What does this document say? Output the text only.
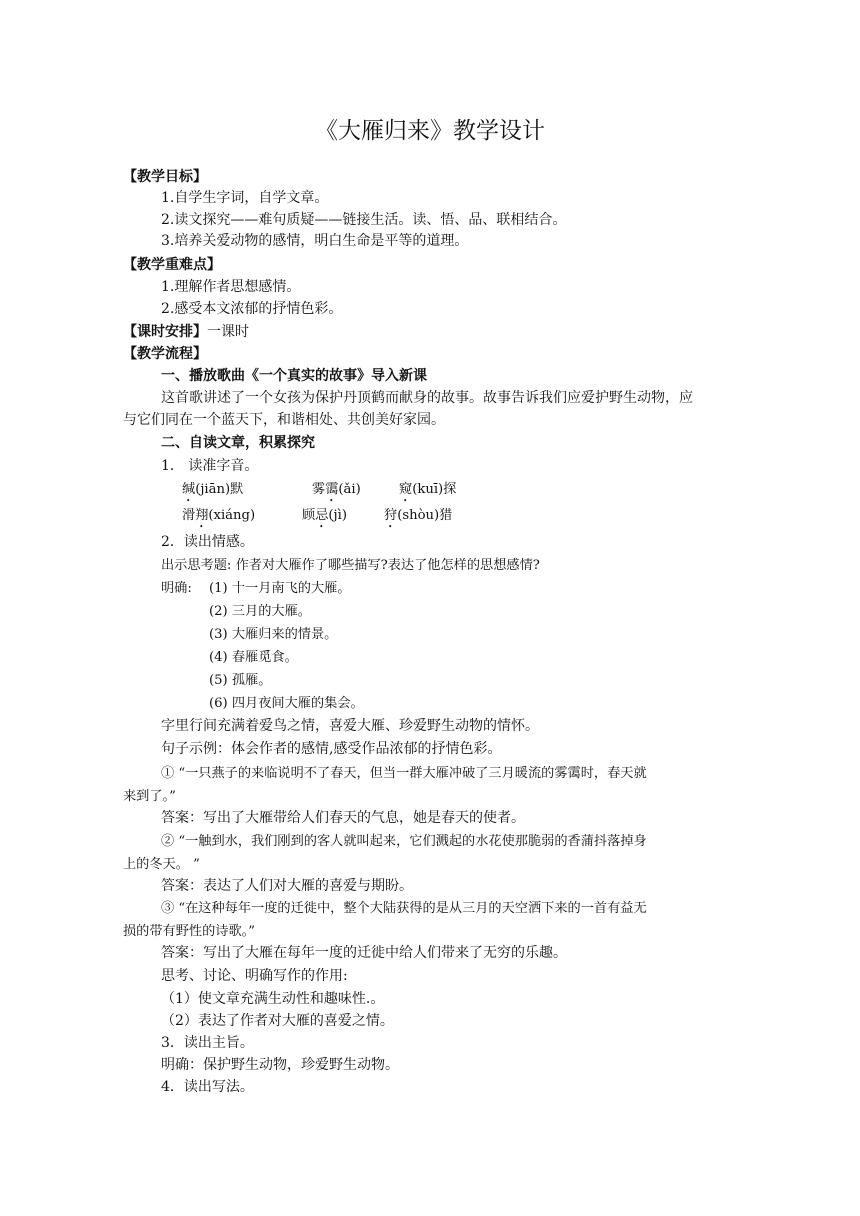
《大雁归来》教学设计

【教学目标】

1.自学生字词，自学文章。

2.读文探究——难句质疑——链接生活。读、悟、品、联相结合。

3.培养关爱动物的感情，明白生命是平等的道理。

【教学重难点】

1.理解作者思想感情。

2.感受本文浓郁的抒情色彩。

【课时安排】一课时

【教学流程】

一、播放歌曲《一个真实的故事》导入新课

这首歌讲述了一个女孩为保护丹顶鹤而献身的故事。故事告诉我们应爱护野生动物，应

与它们同在一个蓝天下，和谐相处、共创美好家园。

二、自读文章，积累探究

1． 读准字音。

缄(jiān)默	雾霭(ǎi)	窥(kuī)探

滑翔(xiáng)	顾忌(jì)	狩(shòu)猎

2．读出情感。

出示思考题: 作者对大雁作了哪些描写?表达了他怎样的思想感情?

明确: (1) 十一月南飞的大雁。

(2) 三月的大雁。

(3) 大雁归来的情景。

(4) 春雁觅食。

(5) 孤雁。

(6) 四月夜间大雁的集会。

字里行间充满着爱鸟之情，喜爱大雁、珍爱野生动物的情怀。

句子示例：体会作者的感情,感受作品浓郁的抒情色彩。

① “一只燕子的来临说明不了春天，但当一群大雁冲破了三月暖流的雾霭时，春天就

来到了。”

答案：写出了大雁带给人们春天的气息，她是春天的使者。

② “一触到水，我们刚到的客人就叫起来，它们溅起的水花使那脆弱的香蒲抖落掉身

上的冬天。 ”

答案：表达了人们对大雁的喜爱与期盼。

③ “在这种每年一度的迁徙中，整个大陆获得的是从三月的天空洒下来的一首有益无

损的带有野性的诗歌。”

答案：写出了大雁在每年一度的迁徙中给人们带来了无穷的乐趣。

思考、讨论、明确写作的作用:

（1）使文章充满生动性和趣味性.。

（2）表达了作者对大雁的喜爱之情。

3．读出主旨。

明确：保护野生动物，珍爱野生动物。

4．读出写法。
